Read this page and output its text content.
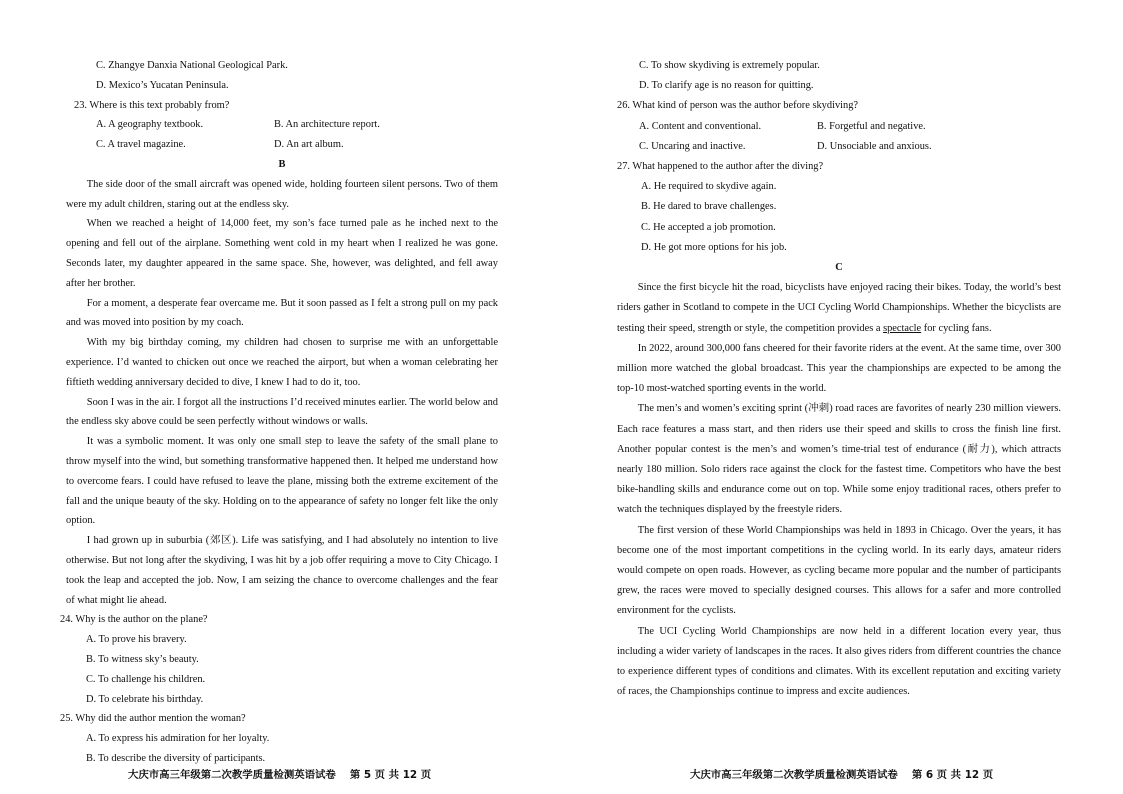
C. Zhangye Danxia National Geological Park.

D. Mexico’s Yucatan Peninsula.

23. Where is this text probably from?

A. A geography textbook.	B. An architecture report.
C. A travel magazine.	D. An art album.

B

The side door of the small aircraft was opened wide, holding fourteen silent persons. Two of them were my adult children, staring out at the endless sky.

When we reached a height of 14,000 feet, my son’s face turned pale as he inched next to the opening and fell out of the airplane. Something went cold in my heart when I realized he was gone. Seconds later, my daughter appeared in the same space. She, however, was delighted, and fell away after her brother.

For a moment, a desperate fear overcame me. But it soon passed as I felt a strong pull on my pack and was moved into position by my coach.

With my big birthday coming, my children had chosen to surprise me with an unforgettable experience. I’d wanted to chicken out once we reached the airport, but when a woman celebrating her fiftieth wedding anniversary decided to dive, I knew I had to do it, too.

Soon I was in the air. I forgot all the instructions I’d received minutes earlier. The world below and the endless sky above could be seen perfectly without windows or walls.

It was a symbolic moment. It was only one small step to leave the safety of the small plane to throw myself into the wind, but something transformative happened then. It helped me understand how to overcome fears. I could have refused to leave the plane, missing both the extreme excitement of the fall and the unique beauty of the sky. Holding on to the appearance of safety no longer felt like the only option.

I had grown up in suburbia (郊区). Life was satisfying, and I had absolutely no intention to live otherwise. But not long after the skydiving, I was hit by a job offer requiring a move to City Chicago. I took the leap and accepted the job. Now, I am seizing the chance to overcome challenges and the fear of what might lie ahead.

24. Why is the author on the plane?

A. To prove his bravery.

B. To witness sky’s beauty.

C. To challenge his children.

D. To celebrate his birthday.

25. Why did the author mention the woman?

A. To express his admiration for her loyalty.

B. To describe the diversity of participants.

大庆市高三年级第二次教学质量检测英语试卷　 第 5 页 共 12 页

C. To show skydiving is extremely popular.

D. To clarify age is no reason for quitting.

26. What kind of person was the author before skydiving?

A. Content and conventional.	B. Forgetful and negative.
C. Uncaring and inactive.	D. Unsociable and anxious.

27. What happened to the author after the diving?

A. He required to skydive again.

B. He dared to brave challenges.

C. He accepted a job promotion.

D. He got more options for his job.

C

Since the first bicycle hit the road, bicyclists have enjoyed racing their bikes. Today, the world’s best riders gather in Scotland to compete in the UCI Cycling World Championships. Whether the bicyclists are testing their speed, strength or style, the competition provides a spectacle for cycling fans.

In 2022, around 300,000 fans cheered for their favorite riders at the event. At the same time, over 300 million more watched the global broadcast. This year the championships are expected to be among the top-10 most-watched sporting events in the world.

The men’s and women’s exciting sprint (冲刺) road races are favorites of nearly 230 million viewers. Each race features a mass start, and then riders use their speed and skills to cross the finish line first. Another popular contest is the men’s and women’s time-trial test of endurance (耐力), which attracts nearly 180 million. Solo riders race against the clock for the fastest time. Competitors who have the best bike-handling skills and endurance come out on top. While some enjoy traditional races, others prefer to watch the techniques displayed by the freestyle riders.

The first version of these World Championships was held in 1893 in Chicago. Over the years, it has become one of the most important competitions in the cycling world. In its early days, amateur riders would compete on open roads. However, as cycling became more popular and the number of participants grew, the races were moved to specially designed courses. This allows for a safer and more controlled environment for the cyclists.

The UCI Cycling World Championships are now held in a different location every year, thus including a wider variety of landscapes in the races. It also gives riders from different countries the chance to experience different types of conditions and climates. With its excellent reputation and exciting variety of races, the Championships continue to impress and excite audiences.

大庆市高三年级第二次教学质量检测英语试卷　 第 6 页 共 12 页
